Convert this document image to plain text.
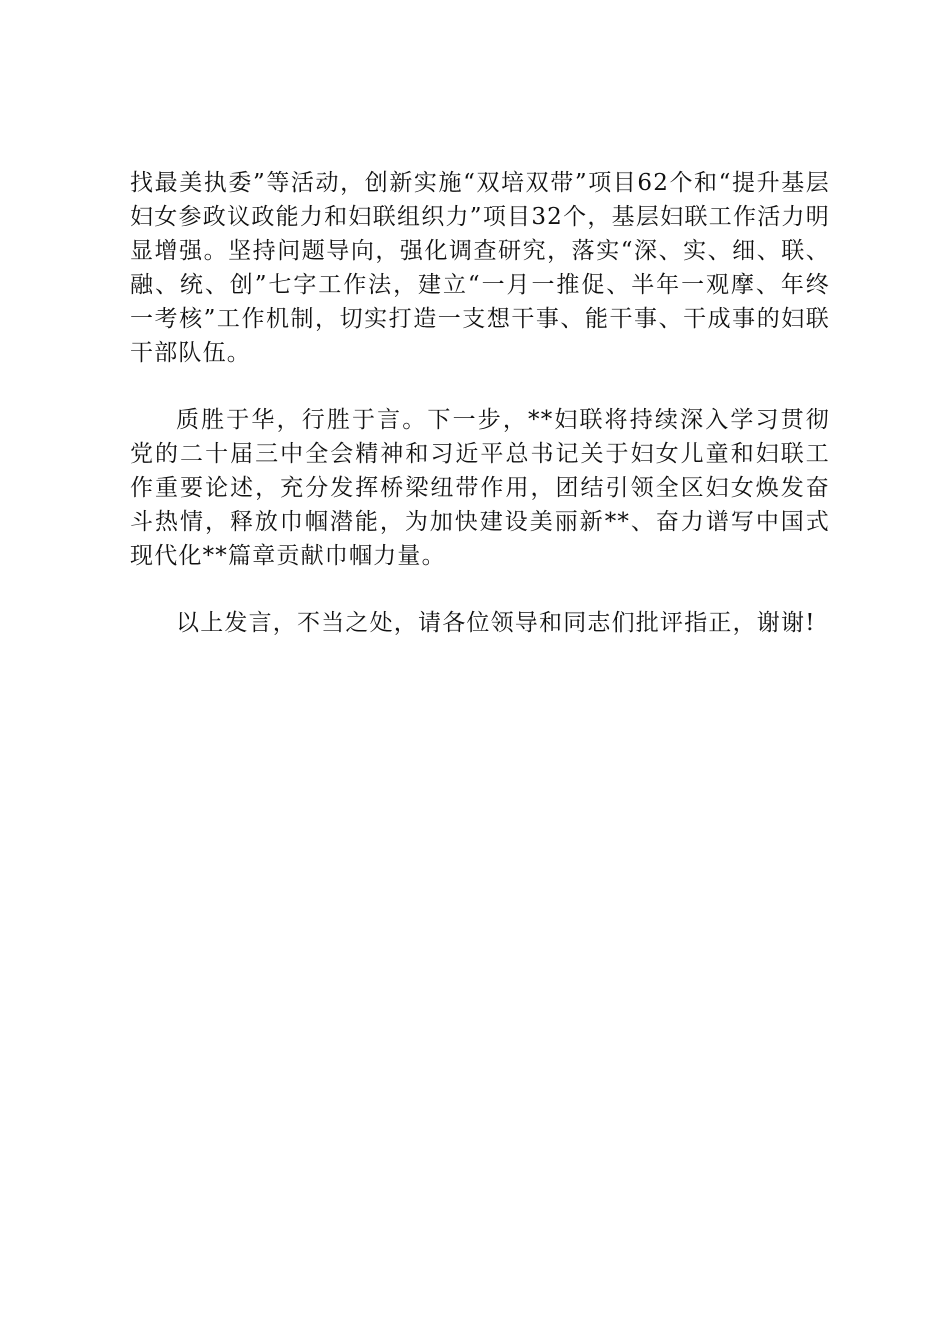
找最美执委”等活动，创新实施“双培双带”项目62个和“提升基层妇女参政议政能力和妇联组织力”项目32个，基层妇联工作活力明显增强。坚持问题导向，强化调查研究，落实“深、实、细、联、融、统、创”七字工作法，建立“一月一推促、半年一观摩、年终一考核”工作机制，切实打造一支想干事、能干事、干成事的妇联干部队伍。

质胜于华，行胜于言。下一步，**妇联将持续深入学习贯彻党的二十届三中全会精神和习近平总书记关于妇女儿童和妇联工作重要论述，充分发挥桥梁纽带作用，团结引领全区妇女焕发奋斗热情，释放巾帼潜能，为加快建设美丽新**、奋力谱写中国式现代化**篇章贡献巾帼力量。

以上发言，不当之处，请各位领导和同志们批评指正，谢谢!
